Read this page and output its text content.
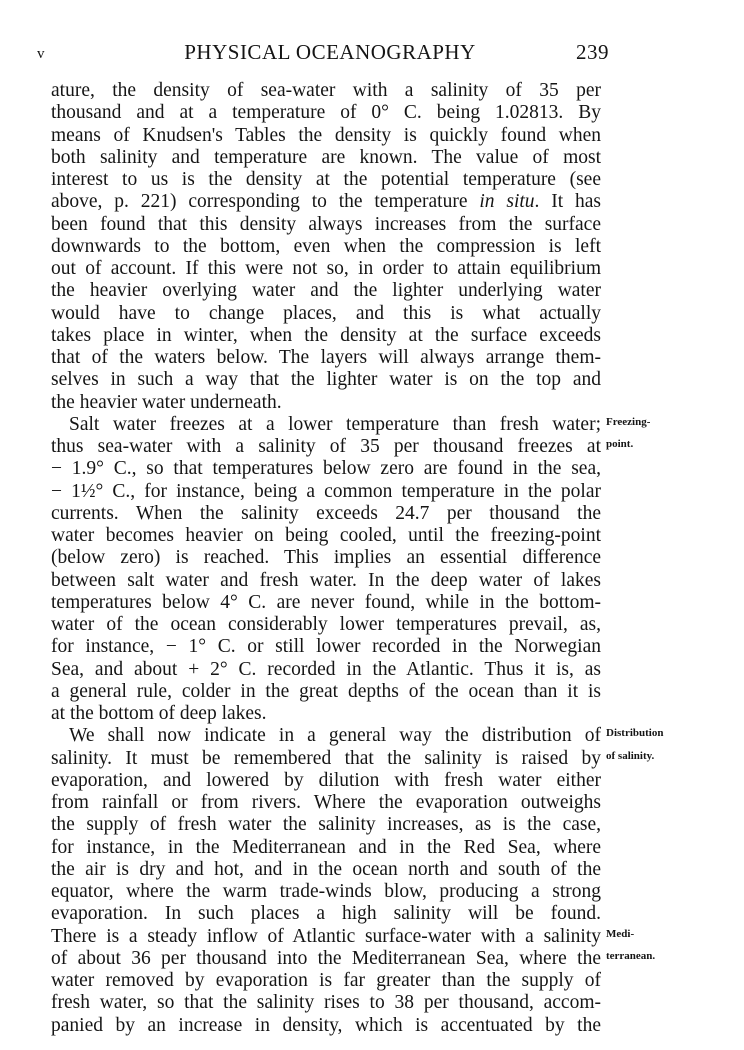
v	PHYSICAL OCEANOGRAPHY	239
ature, the density of sea-water with a salinity of 35 per
thousand and at a temperature of 0° C. being 1.02813. By
means of Knudsen's Tables the density is quickly found when
both salinity and temperature are known. The value of most
interest to us is the density at the potential temperature (see
above, p. 221) corresponding to the temperature in situ. It has
been found that this density always increases from the surface
downwards to the bottom, even when the compression is left
out of account. If this were not so, in order to attain equilibrium
the heavier overlying water and the lighter underlying water
would have to change places, and this is what actually
takes place in winter, when the density at the surface exceeds
that of the waters below. The layers will always arrange them-
selves in such a way that the lighter water is on the top and
the heavier water underneath.
Salt water freezes at a lower temperature than fresh water; Freezing-
thus sea-water with a salinity of 35 per thousand freezes at point.
− 1.9° C., so that temperatures below zero are found in the sea,
− 1½° C., for instance, being a common temperature in the polar
currents. When the salinity exceeds 24.7 per thousand the
water becomes heavier on being cooled, until the freezing-point
(below zero) is reached. This implies an essential difference
between salt water and fresh water. In the deep water of lakes
temperatures below 4° C. are never found, while in the bottom-
water of the ocean considerably lower temperatures prevail, as,
for instance, − 1° C. or still lower recorded in the Norwegian
Sea, and about + 2° C. recorded in the Atlantic. Thus it is, as
a general rule, colder in the great depths of the ocean than it is
at the bottom of deep lakes.
We shall now indicate in a general way the distribution of Distribution
salinity. It must be remembered that the salinity is raised by of salinity.
evaporation, and lowered by dilution with fresh water either
from rainfall or from rivers. Where the evaporation outweighs
the supply of fresh water the salinity increases, as is the case,
for instance, in the Mediterranean and in the Red Sea, where
the air is dry and hot, and in the ocean north and south of the
equator, where the warm trade-winds blow, producing a strong
evaporation. In such places a high salinity will be found.
There is a steady inflow of Atlantic surface-water with a salinity Medi-
of about 36 per thousand into the Mediterranean Sea, where the terranean.
water removed by evaporation is far greater than the supply of
fresh water, so that the salinity rises to 38 per thousand, accom-
panied by an increase in density, which is accentuated by the
